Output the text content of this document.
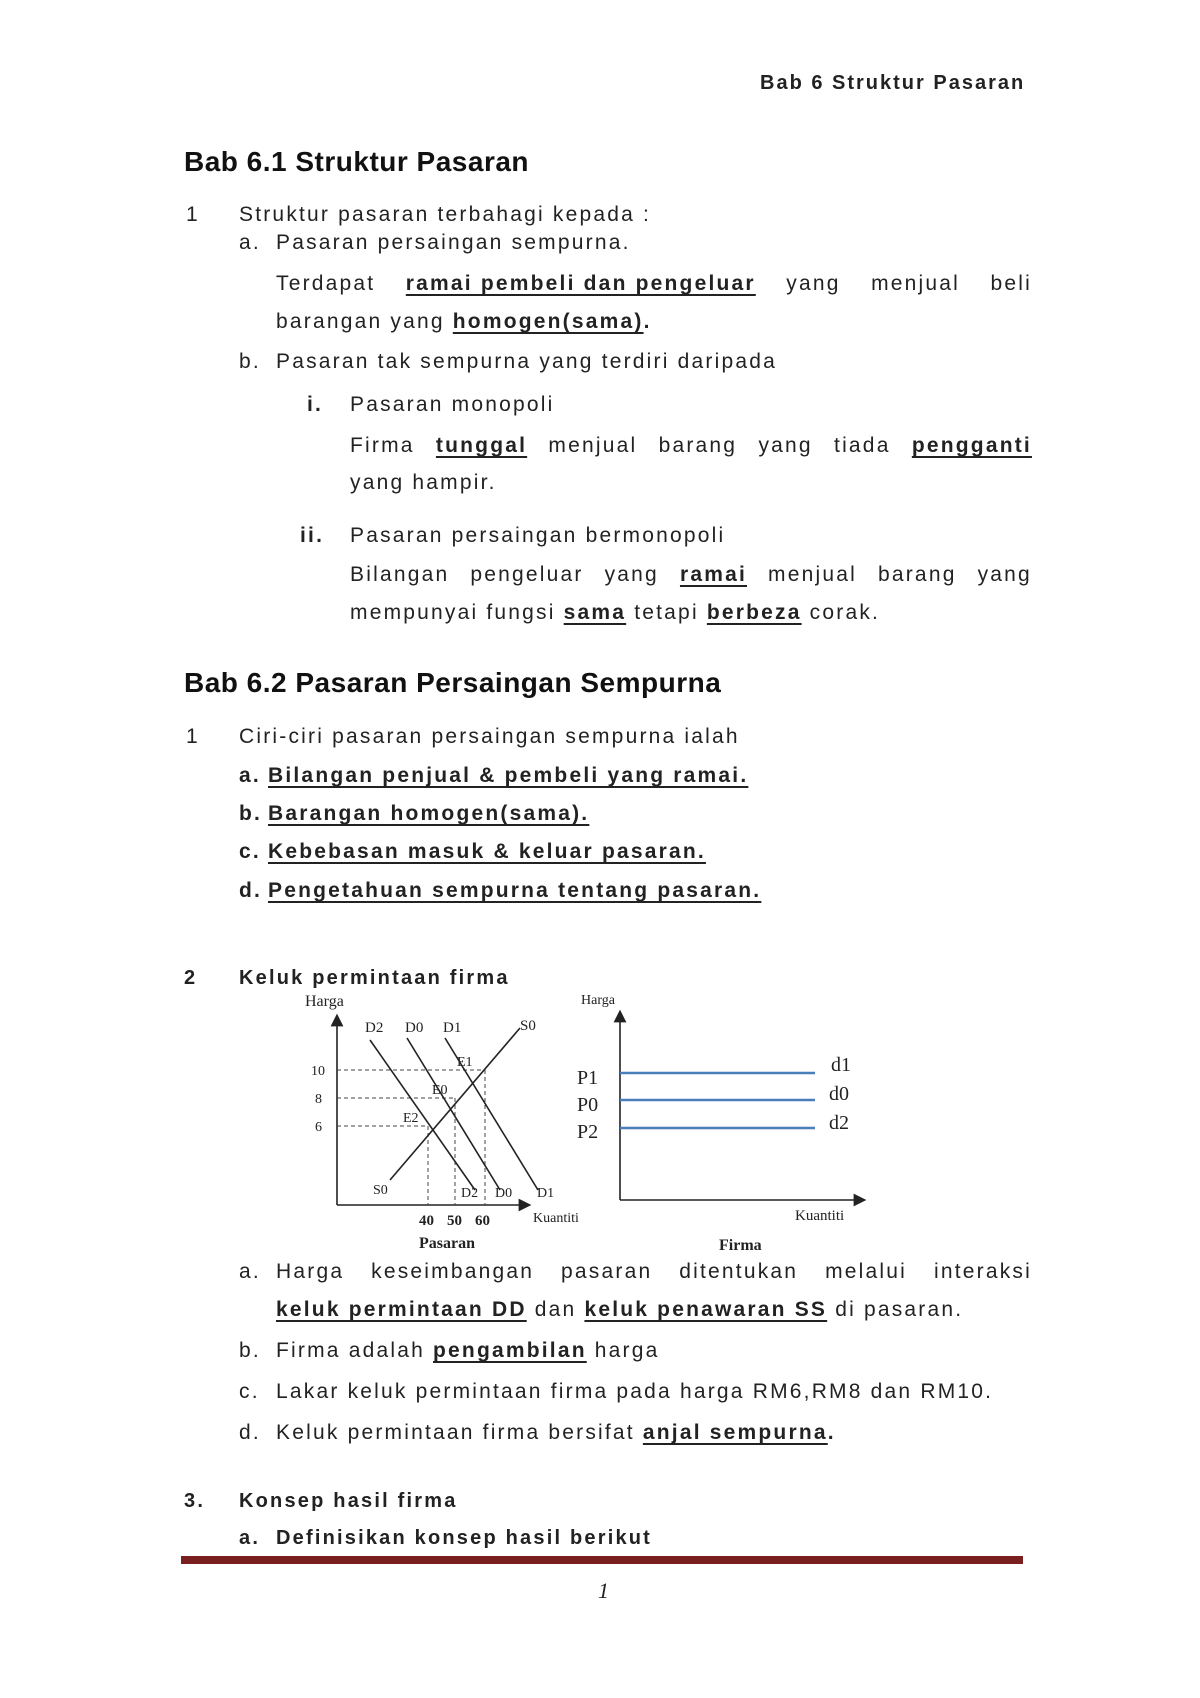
Bab 6 Struktur Pasaran
Bab 6.1 Struktur Pasaran
1 Struktur pasaran terbahagi kepada :
a. Pasaran persaingan sempurna.
Terdapat ramai pembeli dan pengeluar yang menjual beli
barangan yang homogen(sama).
b. Pasaran tak sempurna yang terdiri daripada
i. Pasaran monopoli
Firma tunggal menjual barang yang tiada pengganti
yang hampir.
ii. Pasaran persaingan bermonopoli
Bilangan pengeluar yang ramai menjual barang yang
mempunyai fungsi sama tetapi berbeza corak.
Bab 6.2 Pasaran Persaingan Sempurna
1 Ciri-ciri pasaran persaingan sempurna ialah
a. Bilangan penjual & pembeli yang ramai.
b. Barangan homogen(sama).
c. Kebebasan masuk & keluar pasaran.
d. Pengetahuan sempurna tentang pasaran.
2 Keluk permintaan firma
Harga
Kuantiti
Pasaran
D2 D0 D1	S0
S0	D2 D0 D1
E1
E0
E2
10
8
6
40 50 60
Harga
Kuantiti
Firma
P1
P0
P2
d1
d0
d2
a. Harga keseimbangan pasaran ditentukan melalui interaksi
keluk permintaan DD dan keluk penawaran SS di pasaran.
b. Firma adalah pengambilan harga
c. Lakar keluk permintaan firma pada harga RM6,RM8 dan RM10.
d. Keluk permintaan firma bersifat anjal sempurna.
3. Konsep hasil firma
a. Definisikan konsep hasil berikut
1
